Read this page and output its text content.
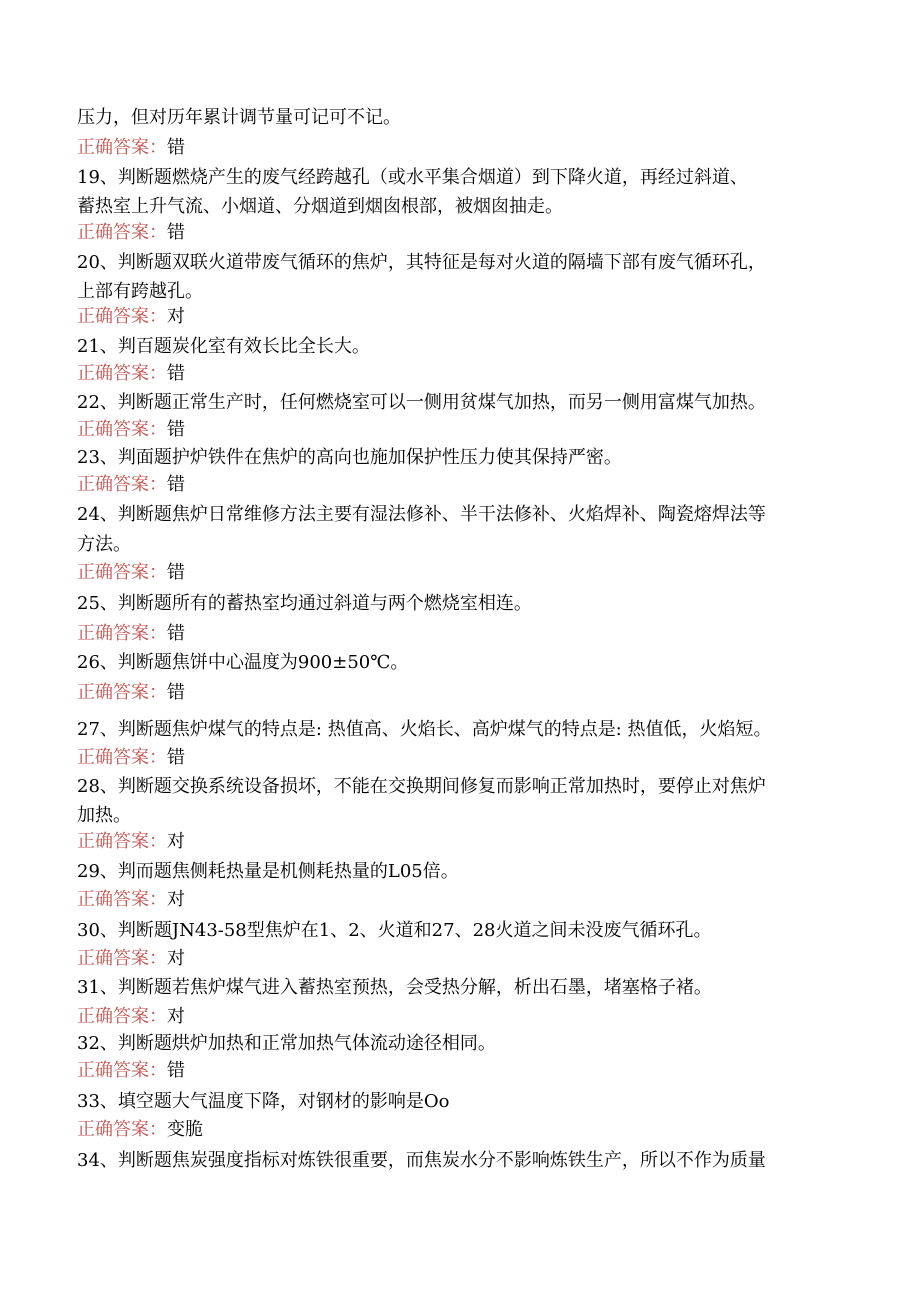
压力，但对历年累计调节量可记可不记。
正确答案：错
19、判断题燃烧产生的废气经跨越孔（或水平集合烟道）到下降火道，再经过斜道、
蓄热室上升气流、小烟道、分烟道到烟囱根部，被烟囱抽走。
正确答案：错
20、判断题双联火道带废气循环的焦炉，其特征是每对火道的隔墙下部有废气循环孔，
上部有跨越孔。
正确答案：对
21、判百题炭化室有效长比全长大。
正确答案：错
22、判断题正常生产时，任何燃烧室可以一侧用贫煤气加热，而另一侧用富煤气加热。
正确答案：错
23、判面题护炉铁件在焦炉的高向也施加保护性压力使其保持严密。
正确答案：错
24、判断题焦炉日常维修方法主要有湿法修补、半干法修补、火焰焊补、陶瓷熔焊法等
方法。
正确答案：错
25、判断题所有的蓄热室均通过斜道与两个燃烧室相连。
正确答案：错
26、判断题焦饼中心温度为900±50℃。
正确答案：错
27、判断题焦炉煤气的特点是: 热值高、火焰长、高炉煤气的特点是: 热值低，火焰短。
正确答案：错
28、判断题交换系统设备损坏，不能在交换期间修复而影响正常加热时，要停止对焦炉
加热。
正确答案：对
29、判而题焦侧耗热量是机侧耗热量的L05倍。
正确答案：对
30、判断题JN43-58型焦炉在1、2、火道和27、28火道之间未没废气循环孔。
正确答案：对
31、判断题若焦炉煤气进入蓄热室预热，会受热分解，析出石墨，堵塞格子褚。
正确答案：对
32、判断题烘炉加热和正常加热气体流动途径相同。
正确答案：错
33、填空题大气温度下降，对钢材的影响是Oo
正确答案：变脆
34、判断题焦炭强度指标对炼铁很重要，而焦炭水分不影响炼铁生产，所以不作为质量
